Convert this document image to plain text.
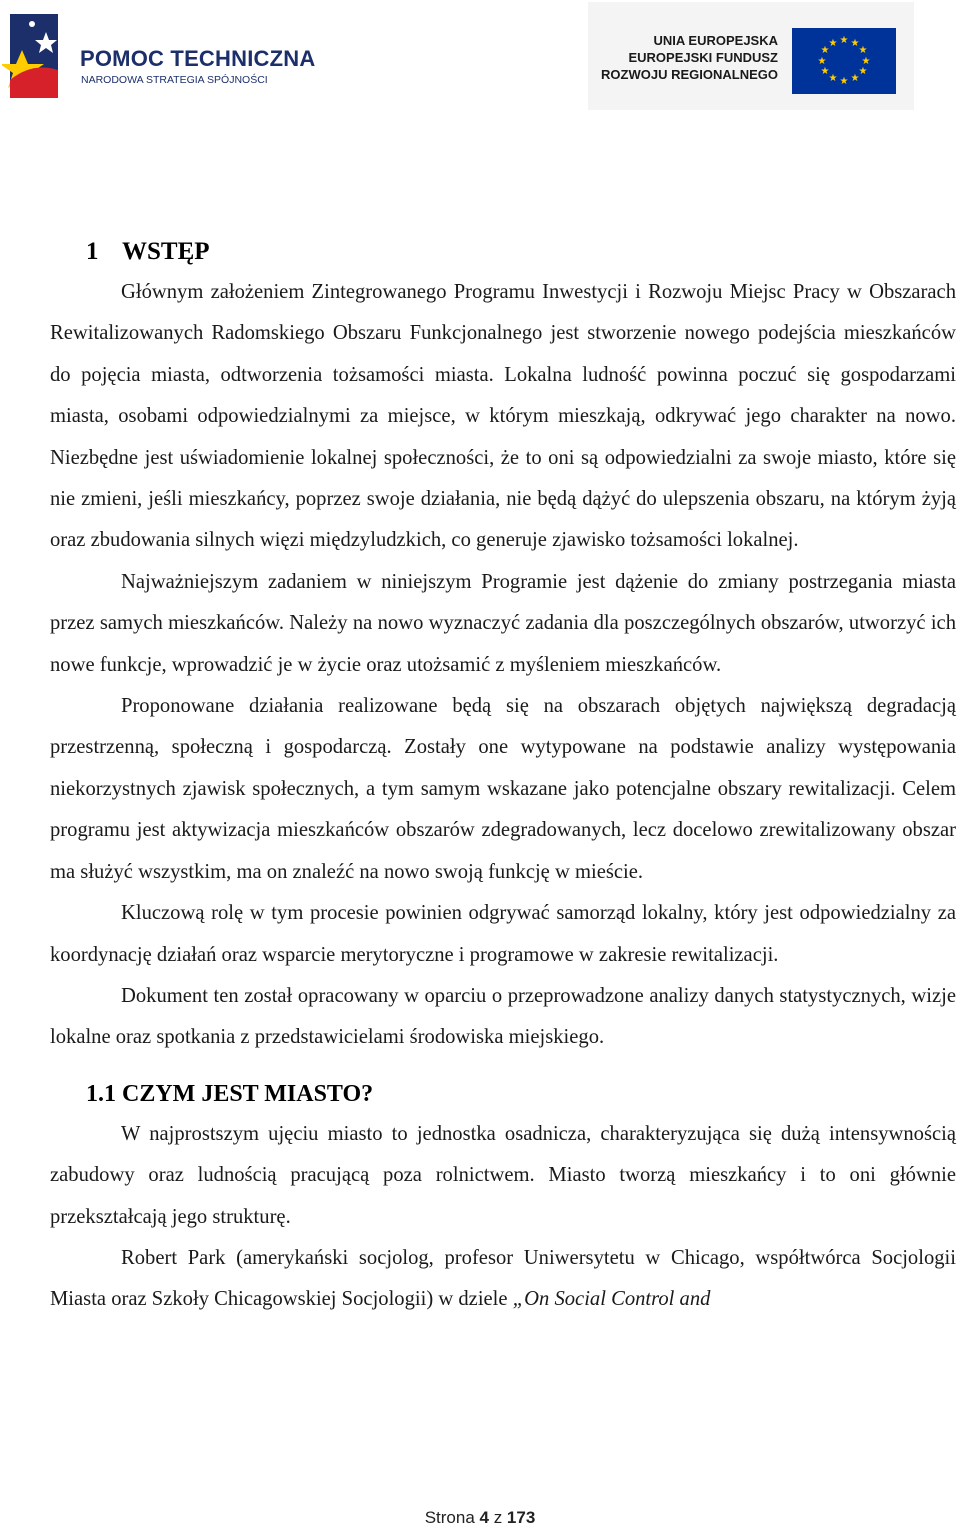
POMOC TECHNICZNA
NARODOWA STRATEGIA SPÓJNOŚCI
UNIA EUROPEJSKA
EUROPEJSKI FUNDUSZ
ROZWOJU REGIONALNEGO
★ ★
★
★
★
★
★
★
★
★
★
★
1 WSTĘP

Głównym założeniem Zintegrowanego Programu Inwestycji i Rozwoju Miejsc Pracy w Obszarach Rewitalizowanych Radomskiego Obszaru Funkcjonalnego jest stworzenie nowego podejścia mieszkańców do pojęcia miasta, odtworzenia tożsamości miasta. Lokalna ludność powinna poczuć się gospodarzami miasta, osobami odpowiedzialnymi za miejsce, w którym mieszkają, odkrywać jego charakter na nowo. Niezbędne jest uświadomienie lokalnej społeczności, że to oni są odpowiedzialni za swoje miasto, które się nie zmieni, jeśli mieszkańcy, poprzez swoje działania, nie będą dążyć do ulepszenia obszaru, na którym żyją oraz zbudowania silnych więzi międzyludzkich, co generuje zjawisko tożsamości lokalnej.

Najważniejszym zadaniem w niniejszym Programie jest dążenie do zmiany postrzegania miasta przez samych mieszkańców. Należy na nowo wyznaczyć zadania dla poszczególnych obszarów, utworzyć ich nowe funkcje, wprowadzić je w życie oraz utożsamić z myśleniem mieszkańców.

Proponowane działania realizowane będą się na obszarach objętych największą degradacją przestrzenną, społeczną i gospodarczą. Zostały one wytypowane na podstawie analizy występowania niekorzystnych zjawisk społecznych, a tym samym wskazane jako potencjalne obszary rewitalizacji. Celem programu jest aktywizacja mieszkańców obszarów zdegradowanych, lecz docelowo zrewitalizowany obszar ma służyć wszystkim, ma on znaleźć na nowo swoją funkcję w mieście.

Kluczową rolę w tym procesie powinien odgrywać samorząd lokalny, który jest odpowiedzialny za koordynację działań oraz wsparcie merytoryczne i programowe w zakresie rewitalizacji.

Dokument ten został opracowany w oparciu o przeprowadzone analizy danych statystycznych, wizje lokalne oraz spotkania z przedstawicielami środowiska miejskiego.

1.1 CZYM JEST MIASTO?

W najprostszym ujęciu miasto to jednostka osadnicza, charakteryzująca się dużą intensywnością zabudowy oraz ludnością pracującą poza rolnictwem. Miasto tworzą mieszkańcy i to oni głównie przekształcają jego strukturę.

Robert Park (amerykański socjolog, profesor Uniwersytetu w Chicago, współtwórca Socjologii Miasta oraz Szkoły Chicagowskiej Socjologii) w dziele „On Social Control and

Strona 4 z 173
